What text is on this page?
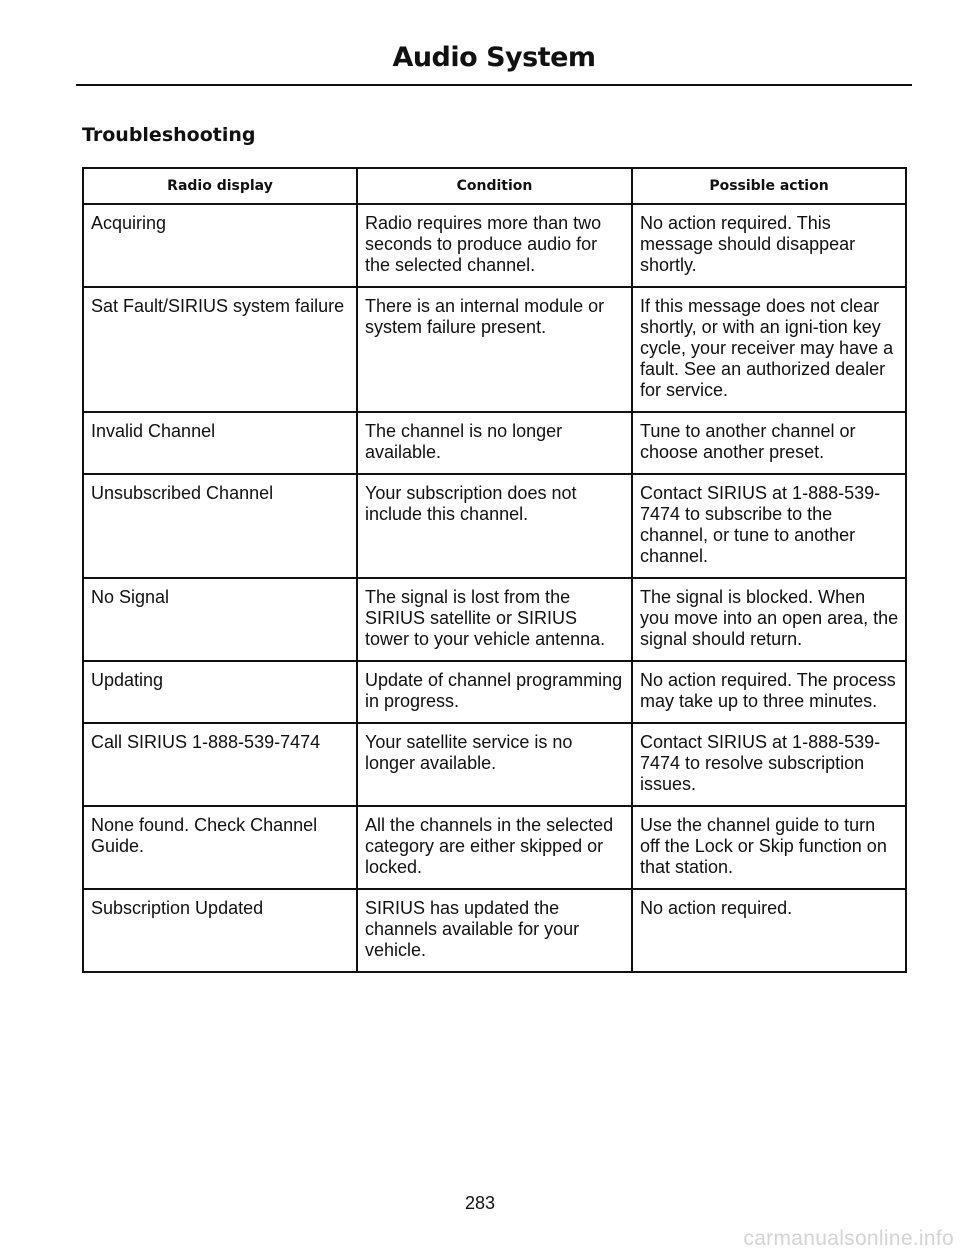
Audio System
Troubleshooting
Radio display	Condition	Possible action
Acquiring	Radio requires more than two seconds to produce audio for the selected channel.	No action required. This message should disappear shortly.
Sat Fault/SIRIUS system failure	There is an internal module or system failure present.	If this message does not clear shortly, or with an igni-tion key cycle, your receiver may have a fault. See an authorized dealer for service.
Invalid Channel	The channel is no longer available.	Tune to another channel or choose another preset.
Unsubscribed Channel	Your subscription does not include this channel.	Contact SIRIUS at 1-888-539-7474 to subscribe to the channel, or tune to another channel.
No Signal	The signal is lost from the SIRIUS satellite or SIRIUS tower to your vehicle antenna.	The signal is blocked. When you move into an open area, the signal should return.
Updating	Update of channel programming in progress.	No action required. The process may take up to three minutes.
Call SIRIUS 1-888-539-7474	Your satellite service is no longer available.	Contact SIRIUS at 1-888-539-7474 to resolve subscription issues.
None found. Check Channel Guide.	All the channels in the selected category are either skipped or locked.	Use the channel guide to turn off the Lock or Skip function on that station.
Subscription Updated	SIRIUS has updated the channels available for your vehicle.	No action required.
283
carmanualsonline.info
